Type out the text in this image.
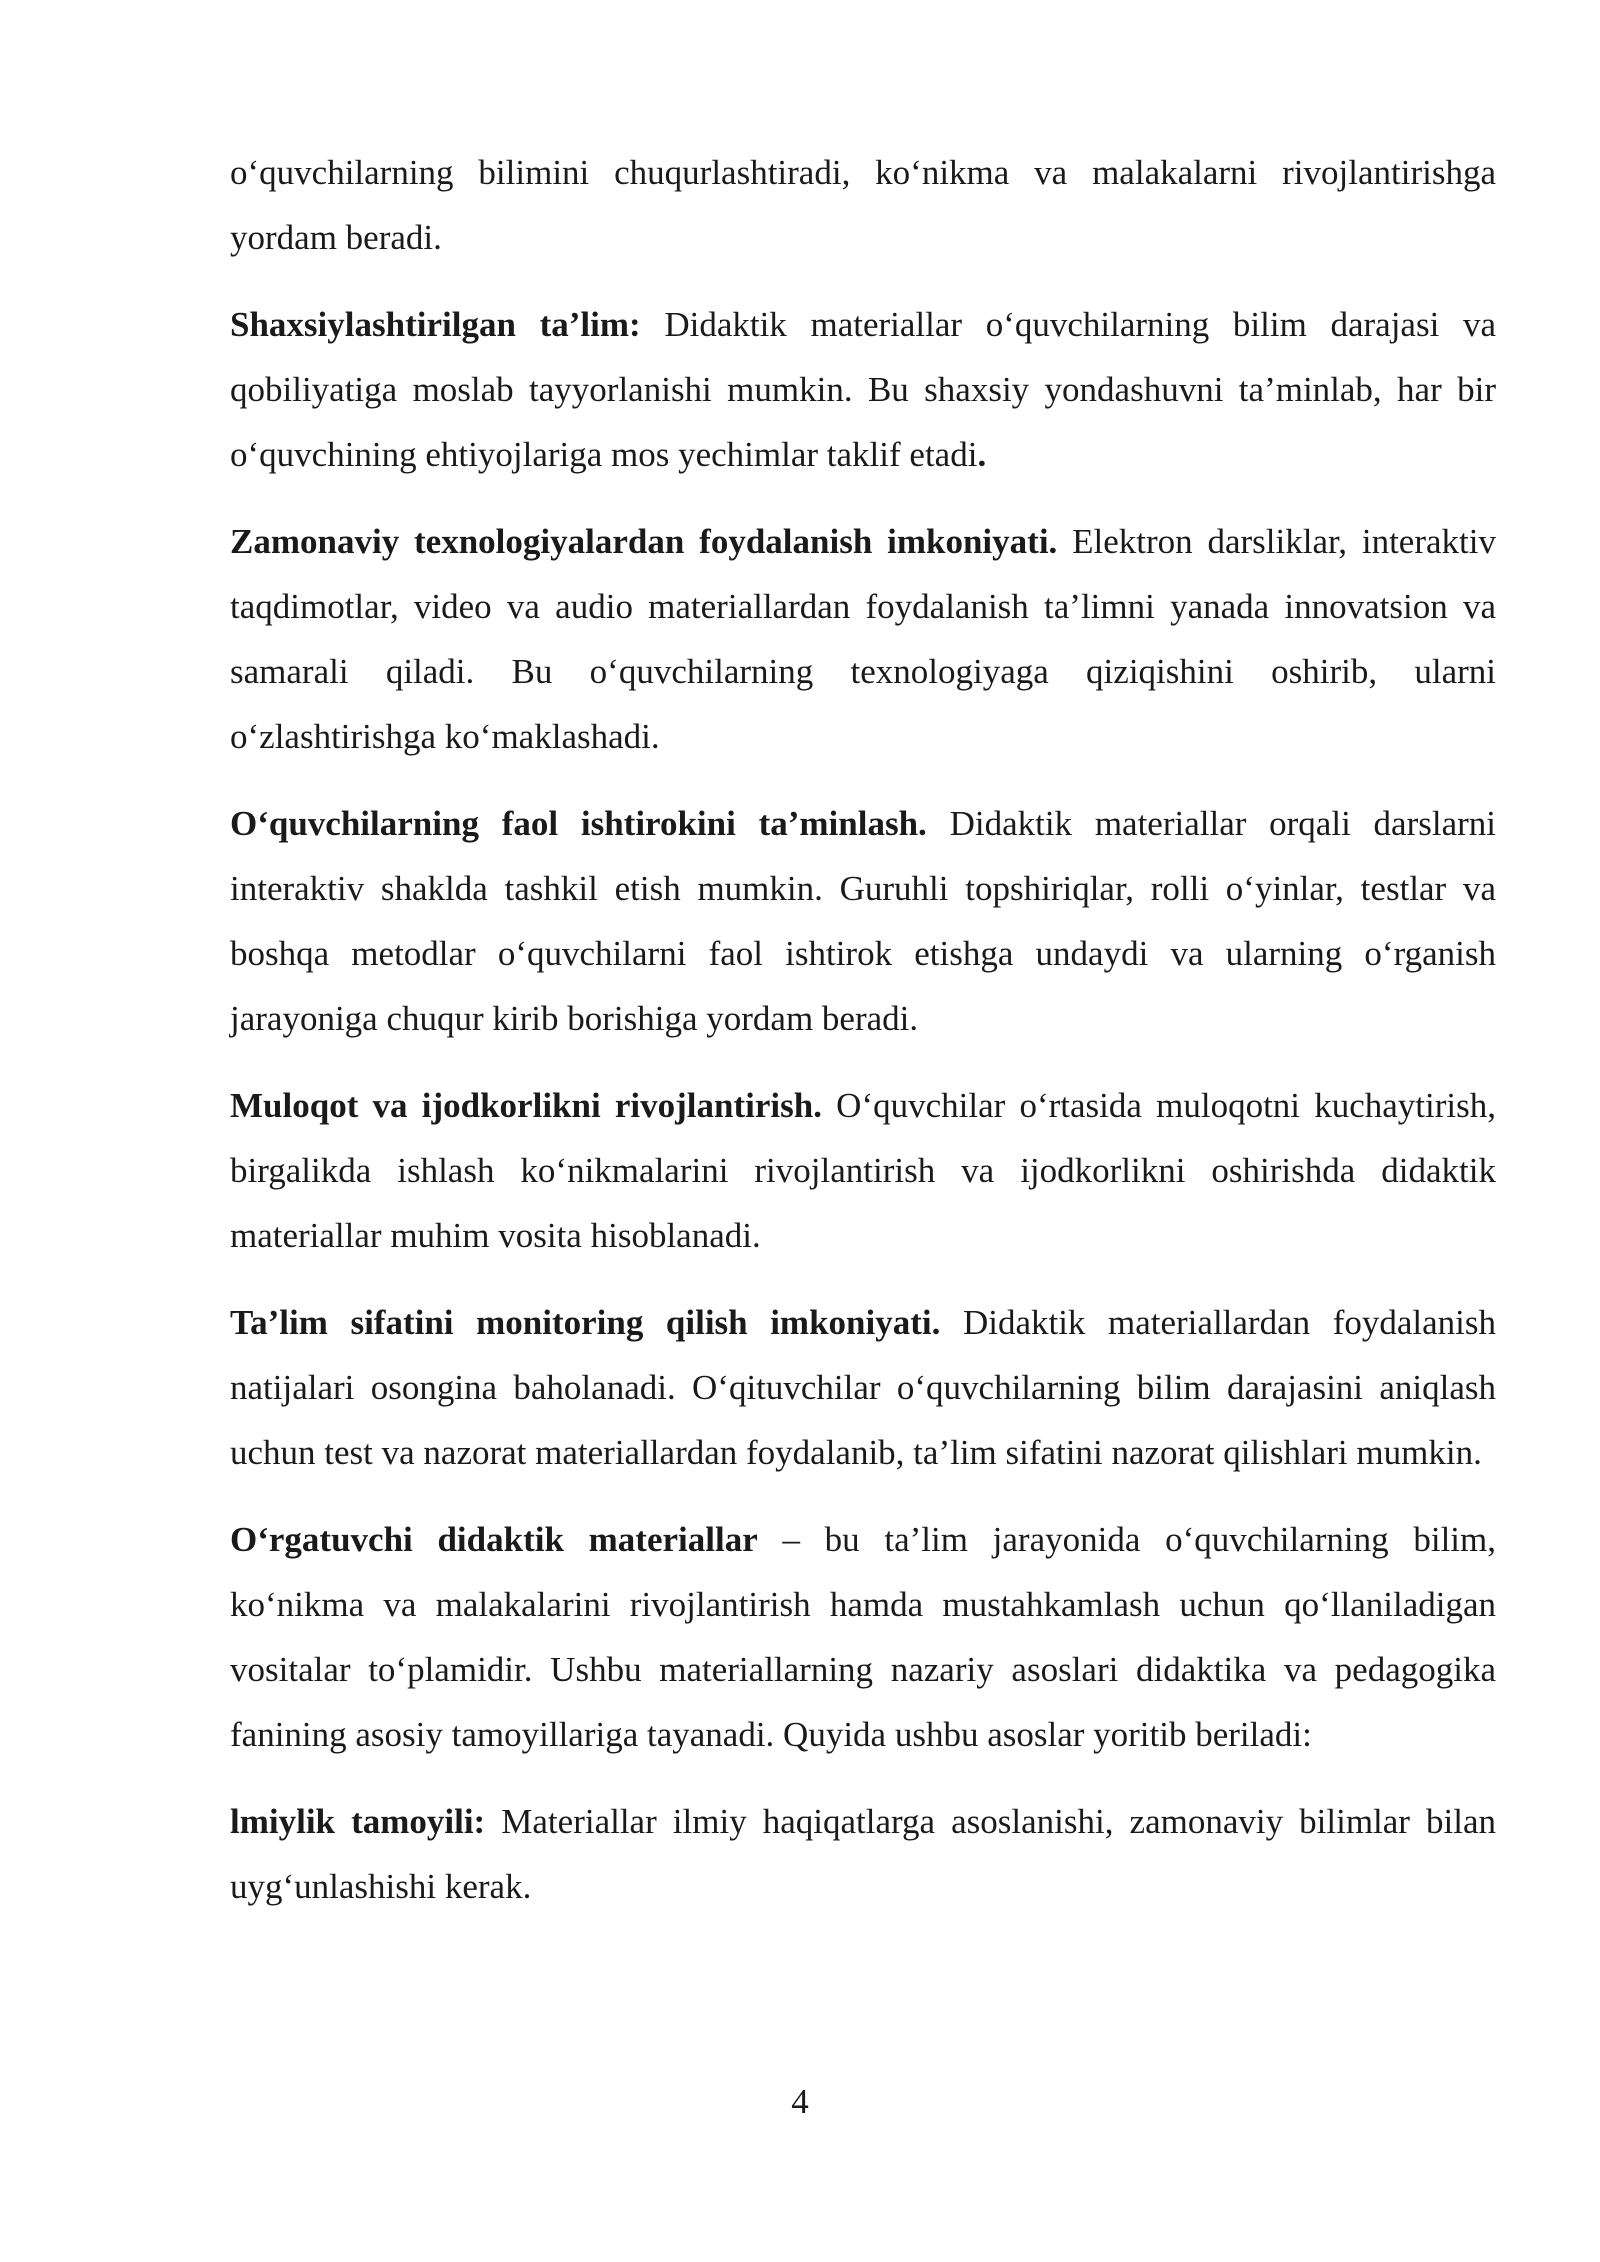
o‘quvchilarning bilimini chuqurlashtiradi, ko‘nikma va malakalarni rivojlantirishga yordam beradi.

Shaxsiylashtirilgan ta’lim: Didaktik materiallar o‘quvchilarning bilim darajasi va qobiliyatiga moslab tayyorlanishi mumkin. Bu shaxsiy yondashuvni ta’minlab, har bir o‘quvchining ehtiyojlariga mos yechimlar taklif etadi.

Zamonaviy texnologiyalardan foydalanish imkoniyati. Elektron darsliklar, interaktiv taqdimotlar, video va audio materiallardan foydalanish ta’limni yanada innovatsion va samarali qiladi. Bu o‘quvchilarning texnologiyaga qiziqishini oshirib, ularni o‘zlashtirishga ko‘maklashadi.

O‘quvchilarning faol ishtirokini ta’minlash. Didaktik materiallar orqali darslarni interaktiv shaklda tashkil etish mumkin. Guruhli topshiriqlar, rolli o‘yinlar, testlar va boshqa metodlar o‘quvchilarni faol ishtirok etishga undaydi va ularning o‘rganish jarayoniga chuqur kirib borishiga yordam beradi.

Muloqot va ijodkorlikni rivojlantirish. O‘quvchilar o‘rtasida muloqotni kuchaytirish, birgalikda ishlash ko‘nikmalarini rivojlantirish va ijodkorlikni oshirishda didaktik materiallar muhim vosita hisoblanadi.

Ta’lim sifatini monitoring qilish imkoniyati. Didaktik materiallardan foydalanish natijalari osongina baholanadi. O‘qituvchilar o‘quvchilarning bilim darajasini aniqlash uchun test va nazorat materiallardan foydalanib, ta’lim sifatini nazorat qilishlari mumkin.

O‘rgatuvchi didaktik materiallar – bu ta’lim jarayonida o‘quvchilarning bilim, ko‘nikma va malakalarini rivojlantirish hamda mustahkamlash uchun qo‘llaniladigan vositalar to‘plamidir. Ushbu materiallarning nazariy asoslari didaktika va pedagogika fanining asosiy tamoyillariga tayanadi. Quyida ushbu asoslar yoritib beriladi:

lmiylik tamoyili: Materiallar ilmiy haqiqatlarga asoslanishi, zamonaviy bilimlar bilan uyg‘unlashishi kerak.

4
